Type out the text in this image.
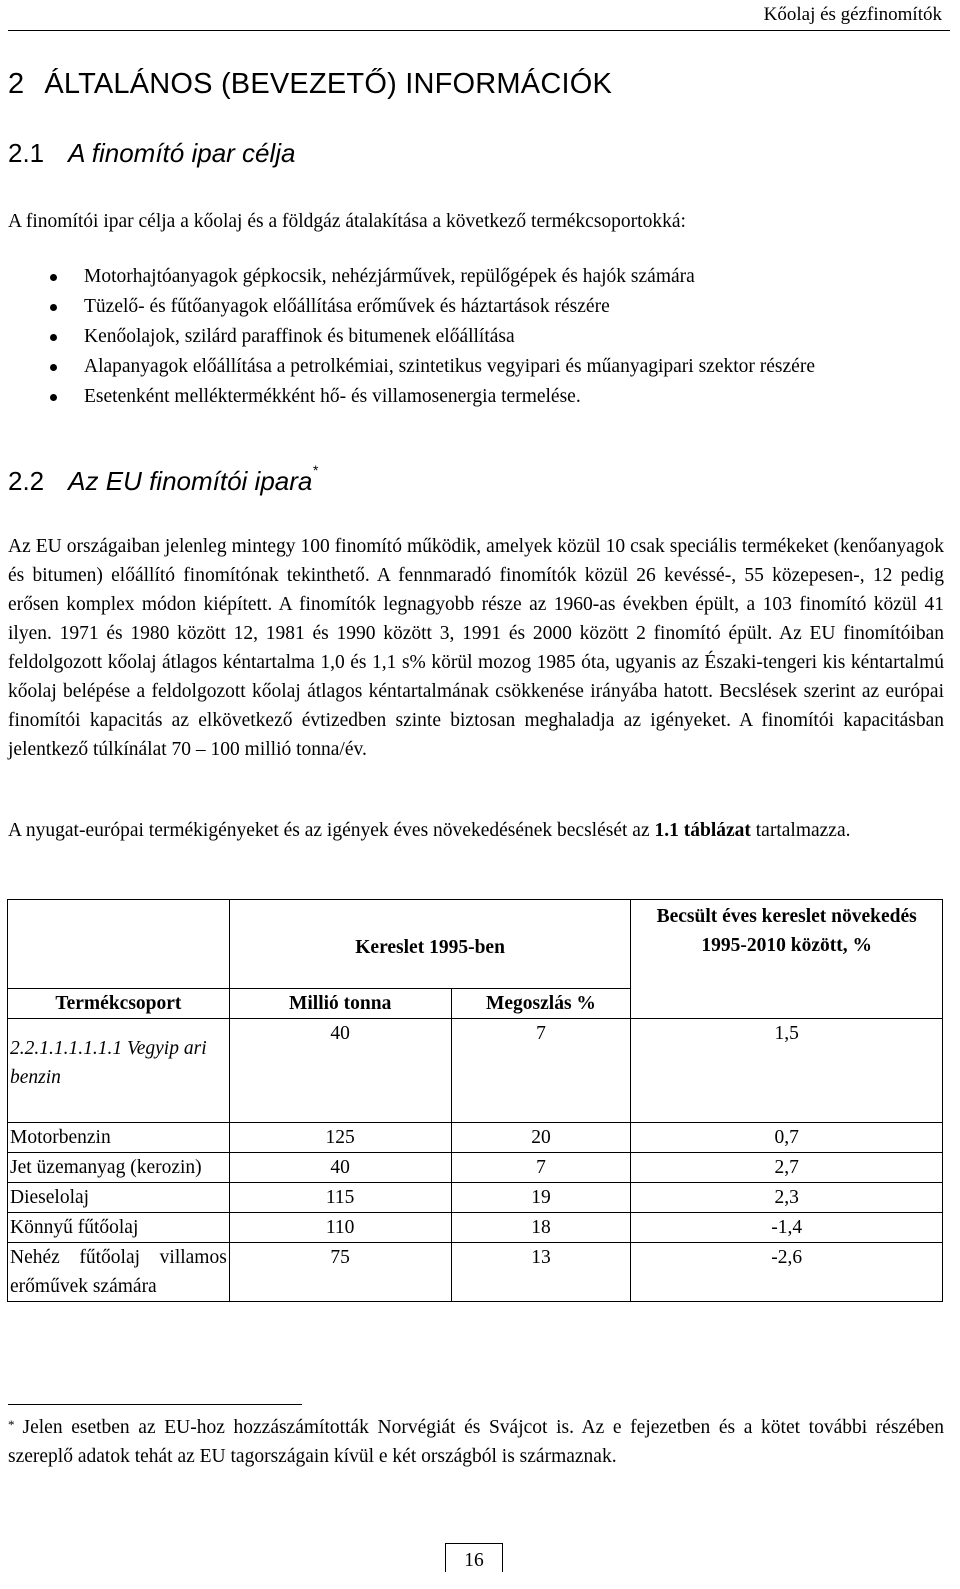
Kőolaj és gézfinomítók
2 ÁLTALÁNOS (BEVEZETŐ) INFORMÁCIÓK
2.1 A finomító ipar célja
A finomítói ipar célja a kőolaj és a földgáz átalakítása a következő termékcsoportokká:
Motorhajtóanyagok gépkocsik, nehézjárművek, repülőgépek és hajók számára
Tüzelő- és fűtőanyagok előállítása erőművek és háztartások részére
Kenőolajok, szilárd paraffinok és bitumenek előállítása
Alapanyagok előállítása a petrolkémiai, szintetikus vegyipari és műanyagipari szektor részére
Esetenként melléktermékként hő- és villamosenergia termelése.
2.2 Az EU finomítói ipara*
Az EU országaiban jelenleg mintegy 100 finomító működik, amelyek közül 10 csak speciális termékeket (kenőanyagok és bitumen) előállító finomítónak tekinthető. A fennmaradó finomítók közül 26 kevéssé-, 55 közepesen-, 12 pedig erősen komplex módon kiépített. A finomítók legnagyobb része az 1960-as években épült, a 103 finomító közül 41 ilyen. 1971 és 1980 között 12, 1981 és 1990 között 3, 1991 és 2000 között 2 finomító épült. Az EU finomítóiban feldolgozott kőolaj átlagos kéntartalma 1,0 és 1,1 s% körül mozog 1985 óta, ugyanis az Északi-tengeri kis kéntartalmú kőolaj belépése a feldolgozott kőolaj átlagos kéntartalmának csökkenése irányába hatott. Becslések szerint az európai finomítói kapacitás az elkövetkező évtizedben szinte biztosan meghaladja az igényeket. A finomítói kapacitásban jelentkező túlkínálat 70 – 100 millió tonna/év.
A nyugat-európai termékigényeket és az igények éves növekedésének becslését az 1.1 táblázat tartalmazza.
	Kereslet 1995-ben		Becsült éves kereslet növekedés 1995-2010 között, %
Termékcsoport	Millió tonna	Megoszlás %	

2.2.1.1.1.1.1.1 Vegyip ari benzin	40	7	1,5
Motorbenzin	125	20	0,7
Jet üzemanyag (kerozin)	40	7	2,7
Dieselolaj	115	19	2,3
Könnyű fűtőolaj	110	18	-1,4
Nehéz fűtőolaj villamos erőművek számára	75	13	-2,6
* Jelen esetben az EU-hoz hozzászámították Norvégiát és Svájcot is. Az e fejezetben és a kötet további részében szereplő adatok tehát az EU tagországain kívül e két országból is származnak.
16
